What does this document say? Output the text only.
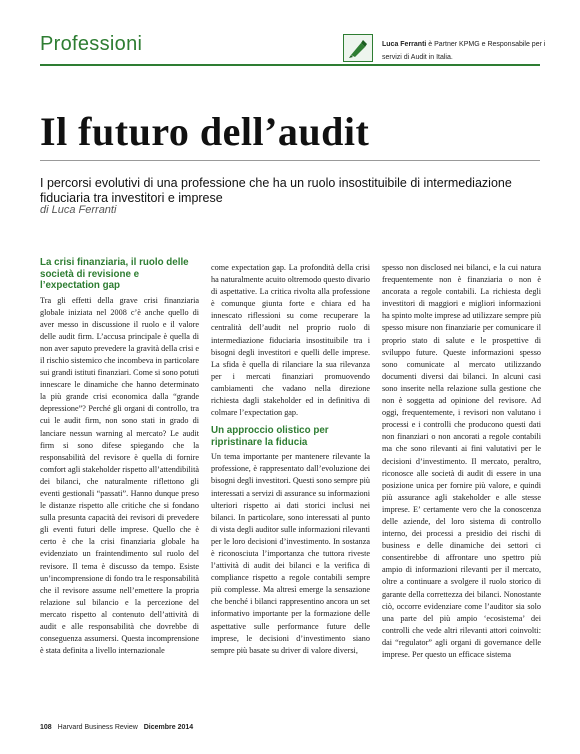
Professioni	Luca Ferranti è Partner KPMG e Responsabile per i servizi di Audit in Italia.
Il futuro dell’audit
I percorsi evolutivi di una professione che ha un ruolo insostituibile di intermediazione fiduciaria tra investitori e imprese
di Luca Ferranti
La crisi finanziaria, il ruolo delle società di revisione e l’expectation gap

Tra gli effetti della grave crisi finanziaria globale iniziata nel 2008 c’è anche quello di aver messo in discussione il ruolo e il valore delle audit firm. L’accusa principale è quella di non aver saputo prevedere la gravità della crisi e il rischio sistemico che incombeva in particolare sui grandi istituti finanziari. Come si sono potuti innescare le dinamiche che hanno determinato la più grande crisi economica dalla “grande depressione”? Perché gli organi di controllo, tra cui le audit firm, non sono stati in grado di lanciare nessun warning al mercato? Le audit firm si sono difese spiegando che la responsabilità del revisore è quella di fornire comfort agli stakeholder rispetto all’attendibilità dei bilanci, che naturalmente riflettono gli eventi gestionali “passati”. Hanno dunque preso le distanze rispetto alle critiche che si fondano sulla presunta capacità dei revisori di prevedere gli eventi futuri delle imprese. Quello che è certo è che la crisi finanziaria globale ha evidenziato un fraintendimento sul ruolo del revisore. Il tema è discusso da tempo. Esiste un’incomprensione di fondo tra le responsabilità che il revisore assume nell’emettere la propria relazione sul bilancio e la percezione del mercato rispetto al contenuto dell’attività di audit e alle responsabilità che dovrebbe di conseguenza assumersi. Questa incomprensione è stata definita a livello internazionale

come expectation gap. La profondità della crisi ha naturalmente acuito oltremodo questo divario di aspettative. La critica rivolta alla professione è comunque giunta forte e chiara ed ha innescato riflessioni su come recuperare la centralità dell’audit nel proprio ruolo di intermediazione fiduciaria insostituibile tra i bisogni degli investitori e quelli delle imprese. La sfida è quella di rilanciare la sua rilevanza per i mercati finanziari promuovendo cambiamenti che vadano nella direzione richiesta dagli stakeholder ed in definitiva di colmare l’expectation gap.

Un approccio olistico per ripristinare la fiducia

Un tema importante per mantenere rilevante la professione, è rappresentato dall’evoluzione dei bisogni degli investitori. Questi sono sempre più interessati a servizi di assurance su informazioni ulteriori rispetto ai dati storici inclusi nei bilanci. In particolare, sono interessati al punto di vista degli auditor sulle informazioni rilevanti per le loro decisioni d’investimento. In sostanza è riconosciuta l’importanza che tuttora riveste l’attività di audit dei bilanci e la verifica di compliance rispetto a regole contabili sempre più complesse. Ma altresì emerge la sensazione che benché i bilanci rappresentino ancora un set informativo importante per la formazione delle aspettative sulle performance future delle imprese, le decisioni d’investimento siano sempre più basate su driver di valore diversi,

spesso non disclosed nei bilanci, e la cui natura frequentemente non è finanziaria o non è ancorata a regole contabili. La richiesta degli investitori di maggiori e migliori informazioni ha spinto molte imprese ad utilizzare sempre più spesso misure non finanziarie per comunicare il proprio stato di salute e le prospettive di sviluppo future. Queste informazioni spesso sono comunicate al mercato utilizzando documenti diversi dai bilanci. In alcuni casi sono inserite nella relazione sulla gestione che non è soggetta ad opinione del revisore. Ad oggi, frequentemente, i revisori non valutano i processi e i controlli che producono questi dati non finanziari o non ancorati a regole contabili ma che sono rilevanti ai fini valutativi per le decisioni d’investimento. Il mercato, peraltro, riconosce alle società di audit di essere in una posizione unica per fornire più valore, e quindi più assurance agli stakeholder e alle stesse imprese. E’ certamente vero che la conoscenza delle aziende, del loro sistema di controllo interno, dei processi a presidio dei rischi di business e delle dinamiche dei settori ci consentirebbe di affrontare uno spettro più ampio di informazioni rilevanti per il mercato, oltre a continuare a svolgere il ruolo storico di garante della correttezza dei bilanci. Nonostante ciò, occorre evidenziare come l’auditor sia solo una parte del più ampio ‘ecosistema’ dei controlli che vede altri rilevanti attori coinvolti: dai “regulator” agli organi di governance delle imprese. Per questo un efficace sistema

108 Harvard Business Review Dicembre 2014
